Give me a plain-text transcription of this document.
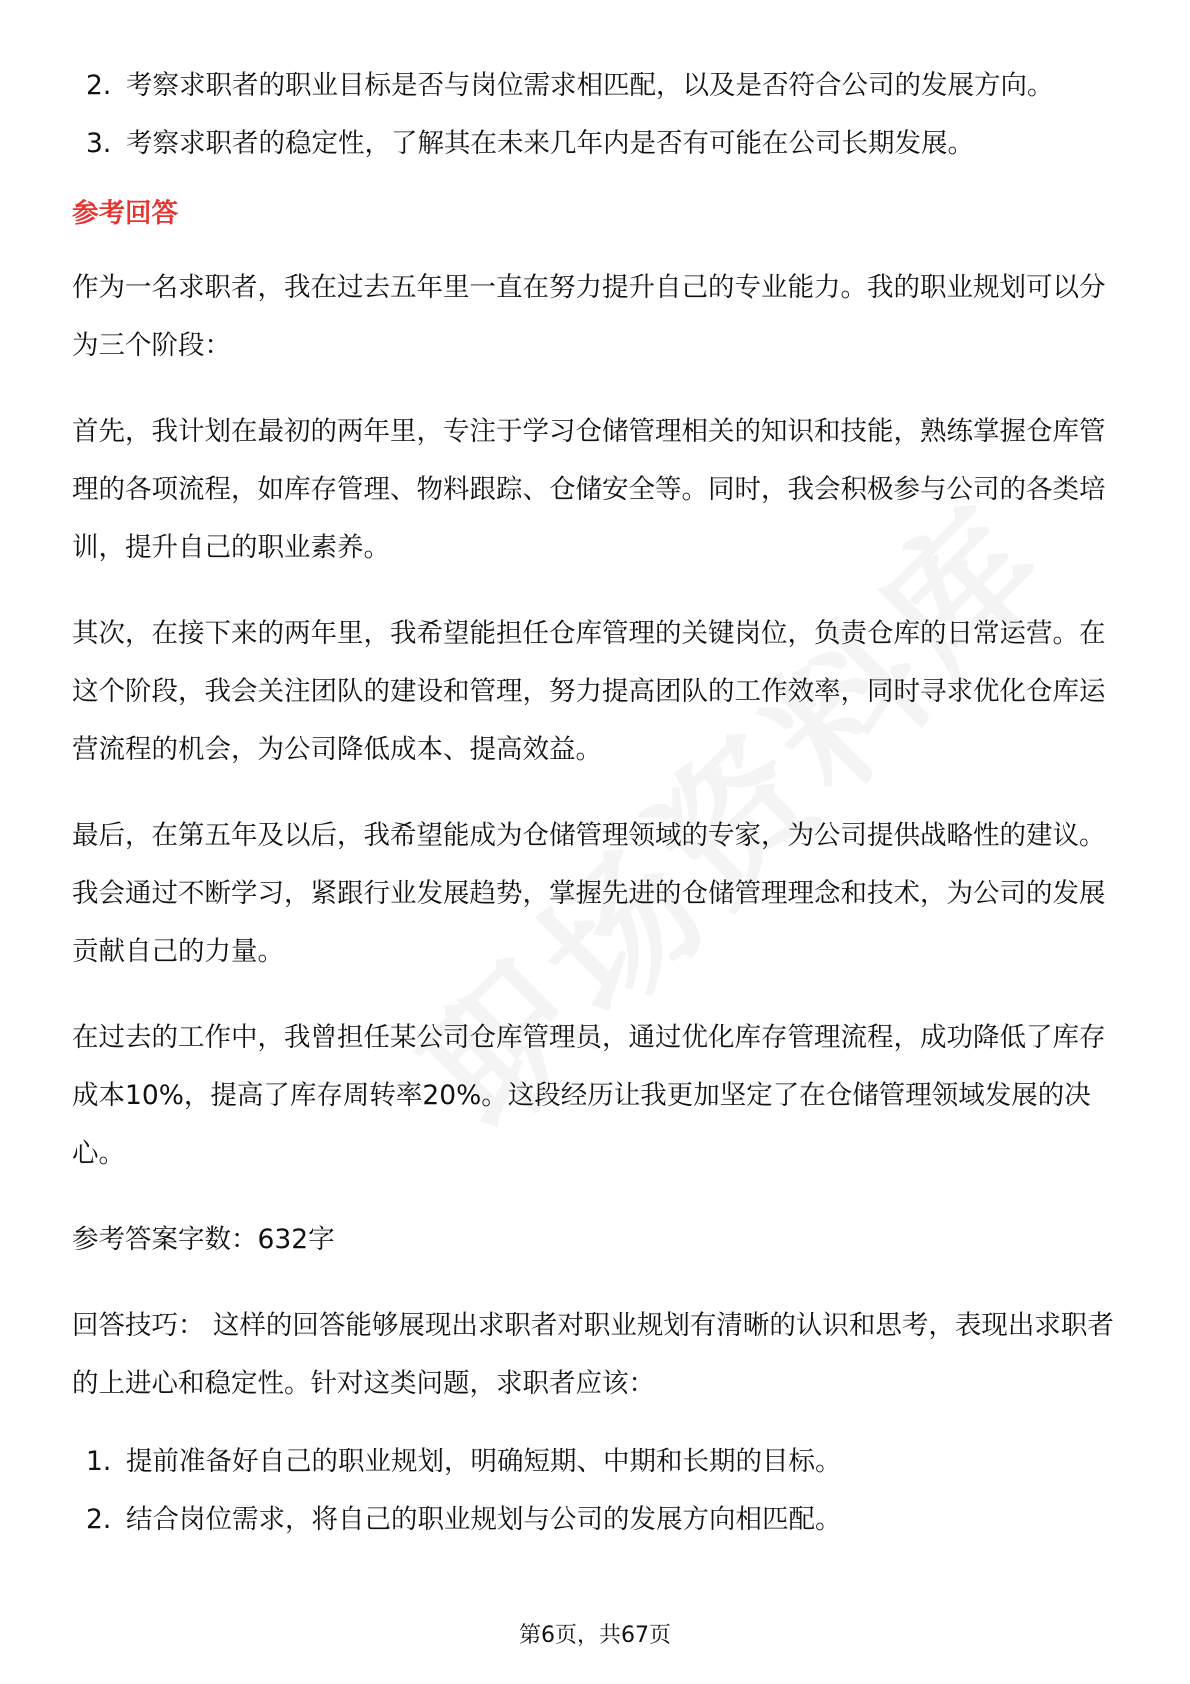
2. 考察求职者的职业目标是否与岗位需求相匹配，以及是否符合公司的发展方向。
3. 考察求职者的稳定性，了解其在未来几年内是否有可能在公司长期发展。
参考回答

作为一名求职者，我在过去五年里一直在努力提升自己的专业能力。我的职业规划可以分为三个阶段：

首先，我计划在最初的两年里，专注于学习仓储管理相关的知识和技能，熟练掌握仓库管理的各项流程，如库存管理、物料跟踪、仓储安全等。同时，我会积极参与公司的各类培训，提升自己的职业素养。

其次，在接下来的两年里，我希望能担任仓库管理的关键岗位，负责仓库的日常运营。在这个阶段，我会关注团队的建设和管理，努力提高团队的工作效率，同时寻求优化仓库运营流程的机会，为公司降低成本、提高效益。

最后，在第五年及以后，我希望能成为仓储管理领域的专家，为公司提供战略性的建议。我会通过不断学习，紧跟行业发展趋势，掌握先进的仓储管理理念和技术，为公司的发展贡献自己的力量。

在过去的工作中，我曾担任某公司仓库管理员，通过优化库存管理流程，成功降低了库存成本10%，提高了库存周转率20%。这段经历让我更加坚定了在仓储管理领域发展的决心。

参考答案字数：632字

回答技巧： 这样的回答能够展现出求职者对职业规划有清晰的认识和思考，表现出求职者的上进心和稳定性。针对这类问题，求职者应该：

1. 提前准备好自己的职业规划，明确短期、中期和长期的目标。
2. 结合岗位需求，将自己的职业规划与公司的发展方向相匹配。
第6页，共67页
